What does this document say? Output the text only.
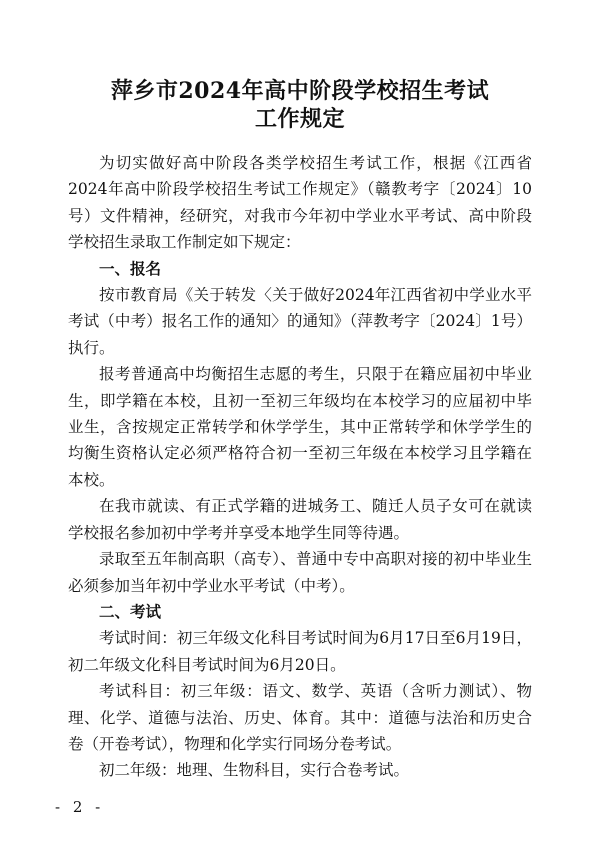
萍乡市2024年高中阶段学校招生考试
工作规定

为切实做好高中阶段各类学校招生考试工作，根据《江西省2024年高中阶段学校招生考试工作规定》（赣教考字〔2024〕10号）文件精神，经研究，对我市今年初中学业水平考试、高中阶段学校招生录取工作制定如下规定：

一、报名

按市教育局《关于转发〈关于做好2024年江西省初中学业水平考试（中考）报名工作的通知〉的通知》（萍教考字〔2024〕1号）执行。

报考普通高中均衡招生志愿的考生，只限于在籍应届初中毕业生，即学籍在本校，且初一至初三年级均在本校学习的应届初中毕业生，含按规定正常转学和休学学生，其中正常转学和休学学生的均衡生资格认定必须严格符合初一至初三年级在本校学习且学籍在本校。

在我市就读、有正式学籍的进城务工、随迁人员子女可在就读学校报名参加初中学考并享受本地学生同等待遇。

录取至五年制高职（高专）、普通中专中高职对接的初中毕业生必须参加当年初中学业水平考试（中考）。

二、考试

考试时间：初三年级文化科目考试时间为6月17日至6月19日，初二年级文化科目考试时间为6月20日。

考试科目：初三年级：语文、数学、英语（含听力测试）、物理、化学、道德与法治、历史、体育。其中：道德与法治和历史合卷（开卷考试），物理和化学实行同场分卷考试。

初二年级：地理、生物科目，实行合卷考试。

- 2 -
